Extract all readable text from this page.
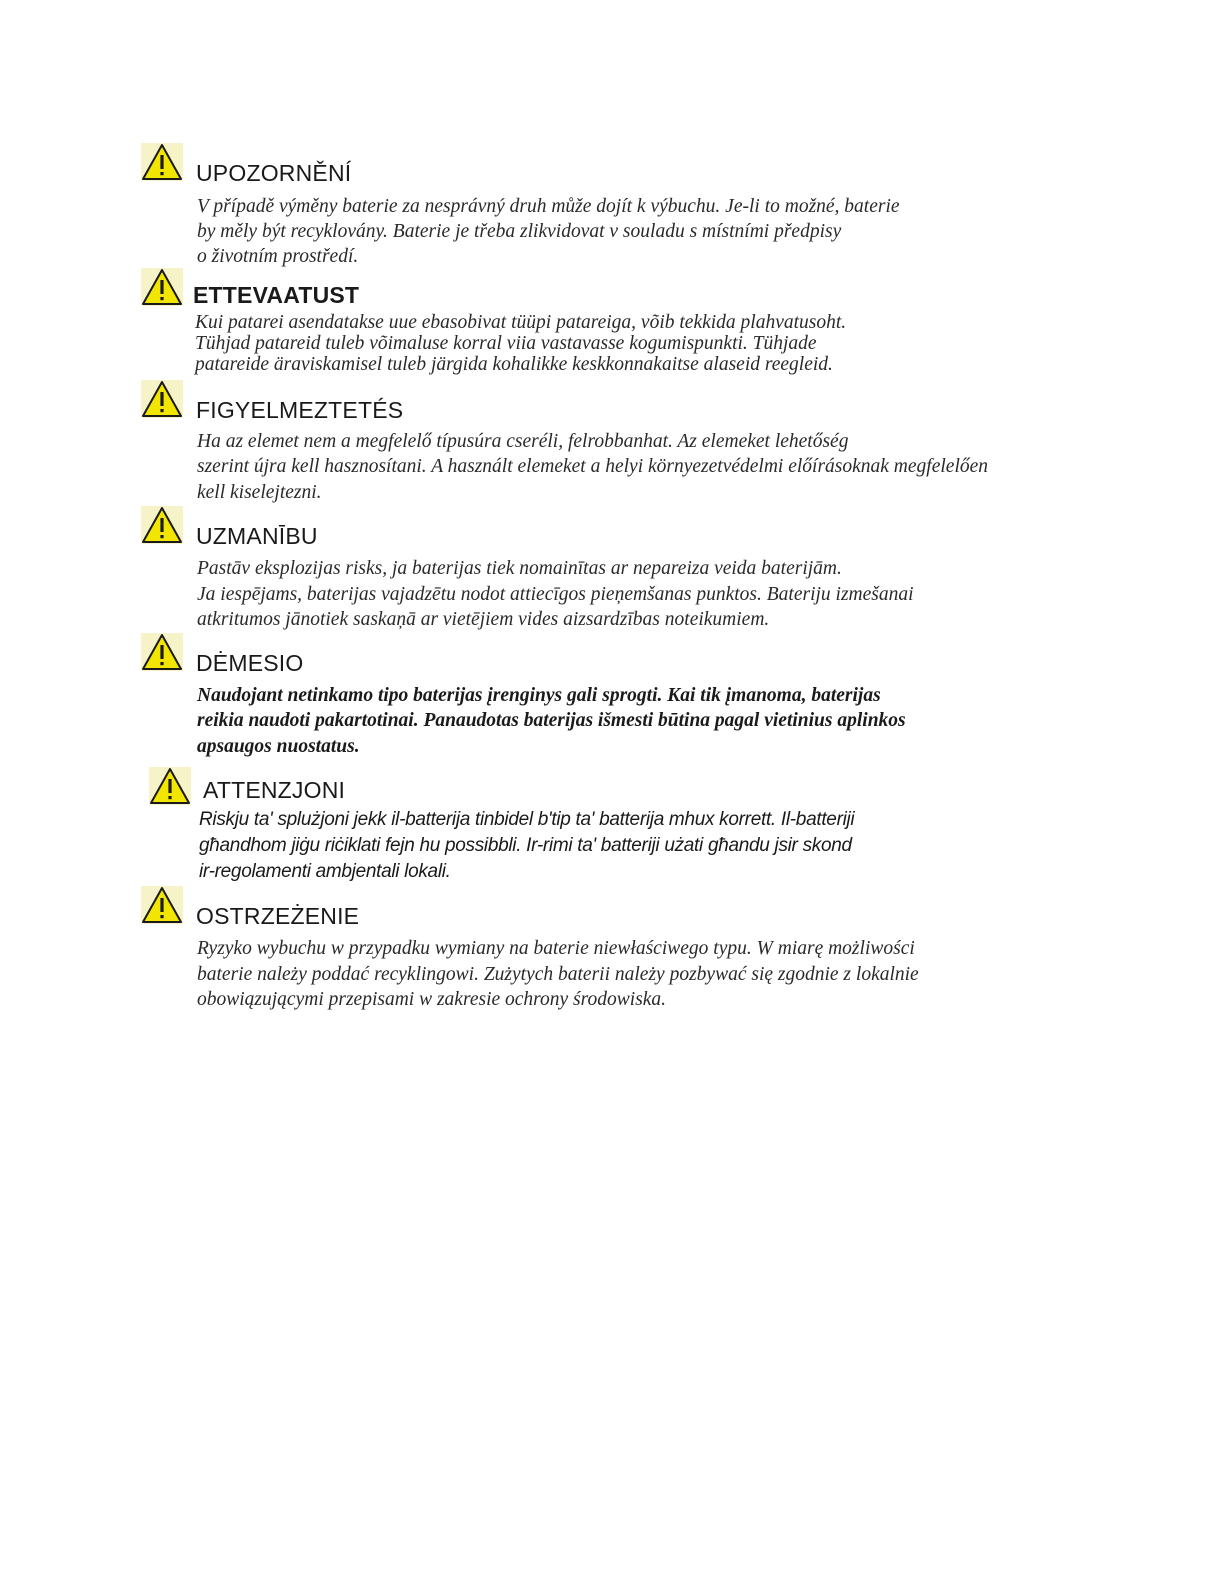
UPOZORNĚNÍ
V případě výměny baterie za nesprávný druh může dojít k výbuchu. Je-li to možné, baterie
by měly být recyklovány. Baterie je třeba zlikvidovat v souladu s místními předpisy
o životním prostředí.
ETTEVAATUST
Kui patarei asendatakse uue ebasobivat tüüpi patareiga, võib tekkida plahvatusoht.
Tühjad patareid tuleb võimaluse korral viia vastavasse kogumispunkti. Tühjade
patareide äraviskamisel tuleb järgida kohalikke keskkonnakaitse alaseid reegleid.
FIGYELMEZTETÉS
Ha az elemet nem a megfelelő típusúra cseréli, felrobbanhat. Az elemeket lehetőség
szerint újra kell hasznosítani. A használt elemeket a helyi környezetvédelmi előírásoknak megfelelően
kell kiselejtezni.
UZMANĪBU
Pastāv eksplozijas risks, ja baterijas tiek nomainītas ar nepareiza veida baterijām.
Ja iespējams, baterijas vajadzētu nodot attiecīgos pieņemšanas punktos. Bateriju izmešanai
atkritumos jānotiek saskaņā ar vietējiem vides aizsardzības noteikumiem.
DĖMESIO
Naudojant netinkamo tipo baterijas įrenginys gali sprogti. Kai tik įmanoma, baterijas
reikia naudoti pakartotinai. Panaudotas baterijas išmesti būtina pagal vietinius aplinkos
apsaugos nuostatus.
ATTENZJONI
Riskju ta' splużjoni jekk il-batterija tinbidel b'tip ta' batterija mhux korrett. Il-batteriji
għandhom jiġu riċiklati fejn hu possibbli. Ir-rimi ta' batteriji użati għandu jsir skond
ir-regolamenti ambjentali lokali.
OSTRZEŻENIE
Ryzyko wybuchu w przypadku wymiany na baterie niewłaściwego typu. W miarę możliwości
baterie należy poddać recyklingowi. Zużytych baterii należy pozbywać się zgodnie z lokalnie
obowiązującymi przepisami w zakresie ochrony środowiska.
